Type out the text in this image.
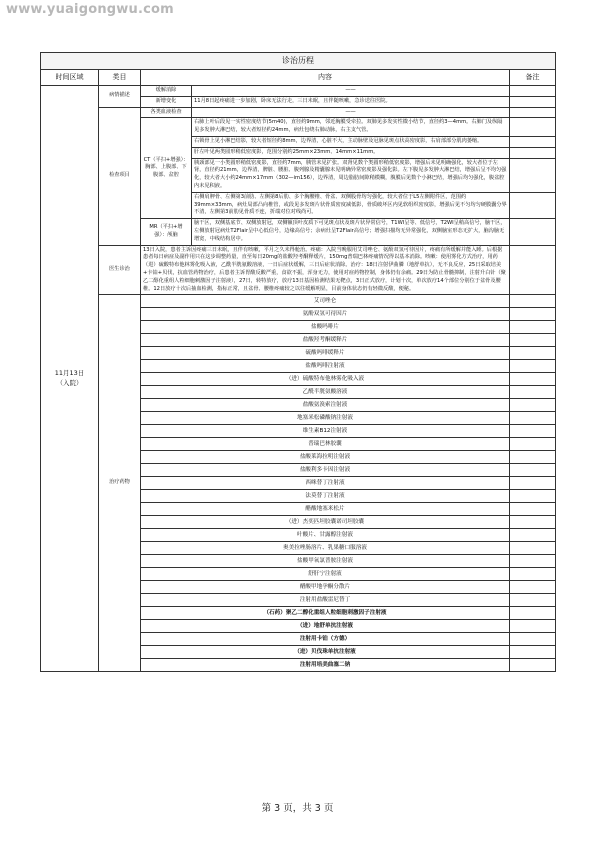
www.yuaigongwu.com
诊治历程				
时间区域	类目	内容		备注

11月13日
（入院）	病情描述	缓解消除	——	
		新增变化	11月8日起疼痛进一步加剧，卧床无法行走，三日未眠，且伴随咳嗽，急诊送往医院。	
	检查项目	各类血液检查	——	
		CT（平扫+增强）：胸部、上腹部、下腹部、盆腔	右肺上叶后段见一实性密度结节(5m40)，直径约9mm，邻近胸膜受牵拉。双肺见多发实性微小结节，直径约3—4mm。右肺门及纵隔见多发肿大淋巴结，较大者短径约24mm，病灶包绕右肺动脉，右主支气管。	
			右锁骨上见小淋巴结影，较大者短径约8mm，边界清，心脏不大，主动脉壁及冠脉见斑点状高密度影，右肩部部分肌肉萎缩。	
			肝左叶见两类圆形稍低密度影，范围分别约25mm×23mm、14mm×11mm。	
			胰颈部见一小类圆形稍低密度影，直径约7mm，胰管未见扩张。双肾见数个类圆形稍低密度影，增强后未见明确强化，较大者位于左肾，直径约21mm，边界清，脾脏、腰脏、腹列腺及精囊腺未见明确异常密度影及强化影。左下腹见多发肿大淋巴结，增强后呈不均匀强化，较大者大小约24mm×17mm（302—im156），边界清，周边脂肪间隙稍模糊，腹膜后见数个小淋巴结，增强后均匀强化，腹盆腔内未见积液。	
			右侧肩胛骨、左侧第3前肋、左侧第8后肋、多个胸腰椎、骨盆、双侧股骨均匀强化，较大者位于L5左侧附件区，范围约39mm×33mm，病灶局部凸向椎管，或段见多发斑片状骨质密度减低影，骨质破坏区内见软组织密度影，增强后见不匀均匀硬膜囊分界不清，左侧第3前肋见骨质不连，折端对位对线尚可。	
		MR（平扫+增强）：颅脑	脑干区，双侧基底节、双侧放射冠，双侧额顶叶皮质下可见斑点状及斑片状异常信号，T1WI呈等、低信号，T2WI呈稍高信号，脑干区，左侧放射冠病灶T2Flair呈中心低信号，边缘高信号；余病灶呈T2Flair高信号；增强扫描均无异常强化，双侧脑室形态无扩大，脑沟脑无增宽，中线结构居中。	
	医生诊治	13日入院，患者主诉因疼痛三日未眠，且伴有咳嗽，平月之久未得舱治。疼痛：入院当晚服用艾司唑仑、氨酚双氢可待因片，疼痛有所缓解并能入睡。后根据患者每日病症及副作用只在这步调整药量，直至每日20mg的盐酸羟考酮释缓片，150mg普瑞巴林疼痛情况得以基本消除。咳嗽：使用雾化方式治疗，用药（进）硫酸特布他林雾化吸入液，乙酰半胱氨酸溶液，一日后症状缓解，三日后症状消除。治疗：18日注射伊曲膦（地舒单抗），无不良反应，25日采取培美+卡铂+贝伐，抗血管药物治疗，后患者主诉胃酸反酸严重，食欲不振，浑身无力，使用对症药物控制，身体仍有余痛。29日为防止骨髓抑制，注射升白针（聚乙二醇化重组人粒细胞刺激因子注射液），27日，转特放疗，放疗13日基因检测结果无靶点，3日正式放疗，计划十次，单次放疗14个部位分别位于盆骨及腰椎。12日放疗十次后抽血检测，指标正常，且盆骨、腰椎疼痛较之以往缓解明显，目前身体状态仍有轻微反酸，便秘。		
	治疗药物	艾司唑仑		
		氨酚双氢可待因片		
		盐酸吗啡片		
		盐酸羟考酮缓释片		
		硫酸吗啡缓释片		
		盐酸吗啡注射液		
		（进）硫酸特布他林雾化吸入液		
		乙酰半胱氨酸溶液		
		盐酸氨溴索注射液		
		地塞米松磷酸钠注射液		
		维生素B12注射液		
		普瑞巴林胶囊		
		盐酸莱海拉明注射液		
		盐酸利多卡因注射液		
		西咪替丁注射液		
		法莫替丁注射液		
		醋酸地塞米松片		
		（进）杰奕匹坦胶囊诺司坦胶囊		
		叶酸片、甘露醇注射液		
		奥美拉唑肠溶片、乳果糖口服溶液		
		盐酸甲氧氯普胺注射液		
		舒肝宁注射液		
		醋酸甲地孕酮分散片		
		注射用盐酸雷尼替丁		
		（石药）聚乙二醇化重组人粒细胞刺激因子注射液		
		（进）地舒单抗注射液		
		注射用卡铂（方德）		
		（进）贝伐珠单抗注射液		
		注射用培美曲塞二钠		
第 3 页，共 3 页
